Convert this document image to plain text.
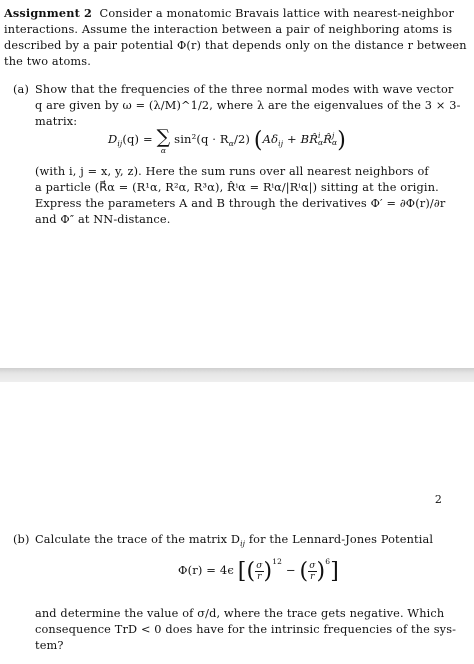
Assignment 2 Consider a monatomic Bravais lattice with nearest-neighbor
interactions. Assume the interaction between a pair of neighboring atoms is
described by a pair potential Φ(r) that depends only on the distance r between
the two atoms.
(a) Show that the frequencies of the three normal modes with wave vector
q are given by ω = (λ/M)^1/2, where λ are the eigenvalues of the 3 × 3-
matrix:
$D_{ij}(q)$ = ∑
α
$\sin^2(q \cdot R_\alpha/2)$ ($A\delta_{ij}$ + BR̂ i
α R̂ j
α )
(with i, j = x, y, z). Here the sum runs over all nearest neighbors of
a particle (R⃗α = (R¹α, R²α, R³α), R̂ⁱα = Rⁱα/|Rⁱα|) sitting at the origin.
Express the parameters A and B through the derivatives Φ′ = ∂Φ(r)/∂r
and Φ″ at NN-distance.
2
(b) Calculate the trace of the matrix $D_{ij}$ for the Lennard-Jones Potential
Φ(r) = 4ϵ [( $\frac{\sigma}{r} )^{12}$ − ( $\frac{\sigma}{r} )^6$]
and determine the value of σ/d, where the trace gets negative. Which
consequence TrD < 0 does have for the intrinsic frequencies of the sys-
tem?
